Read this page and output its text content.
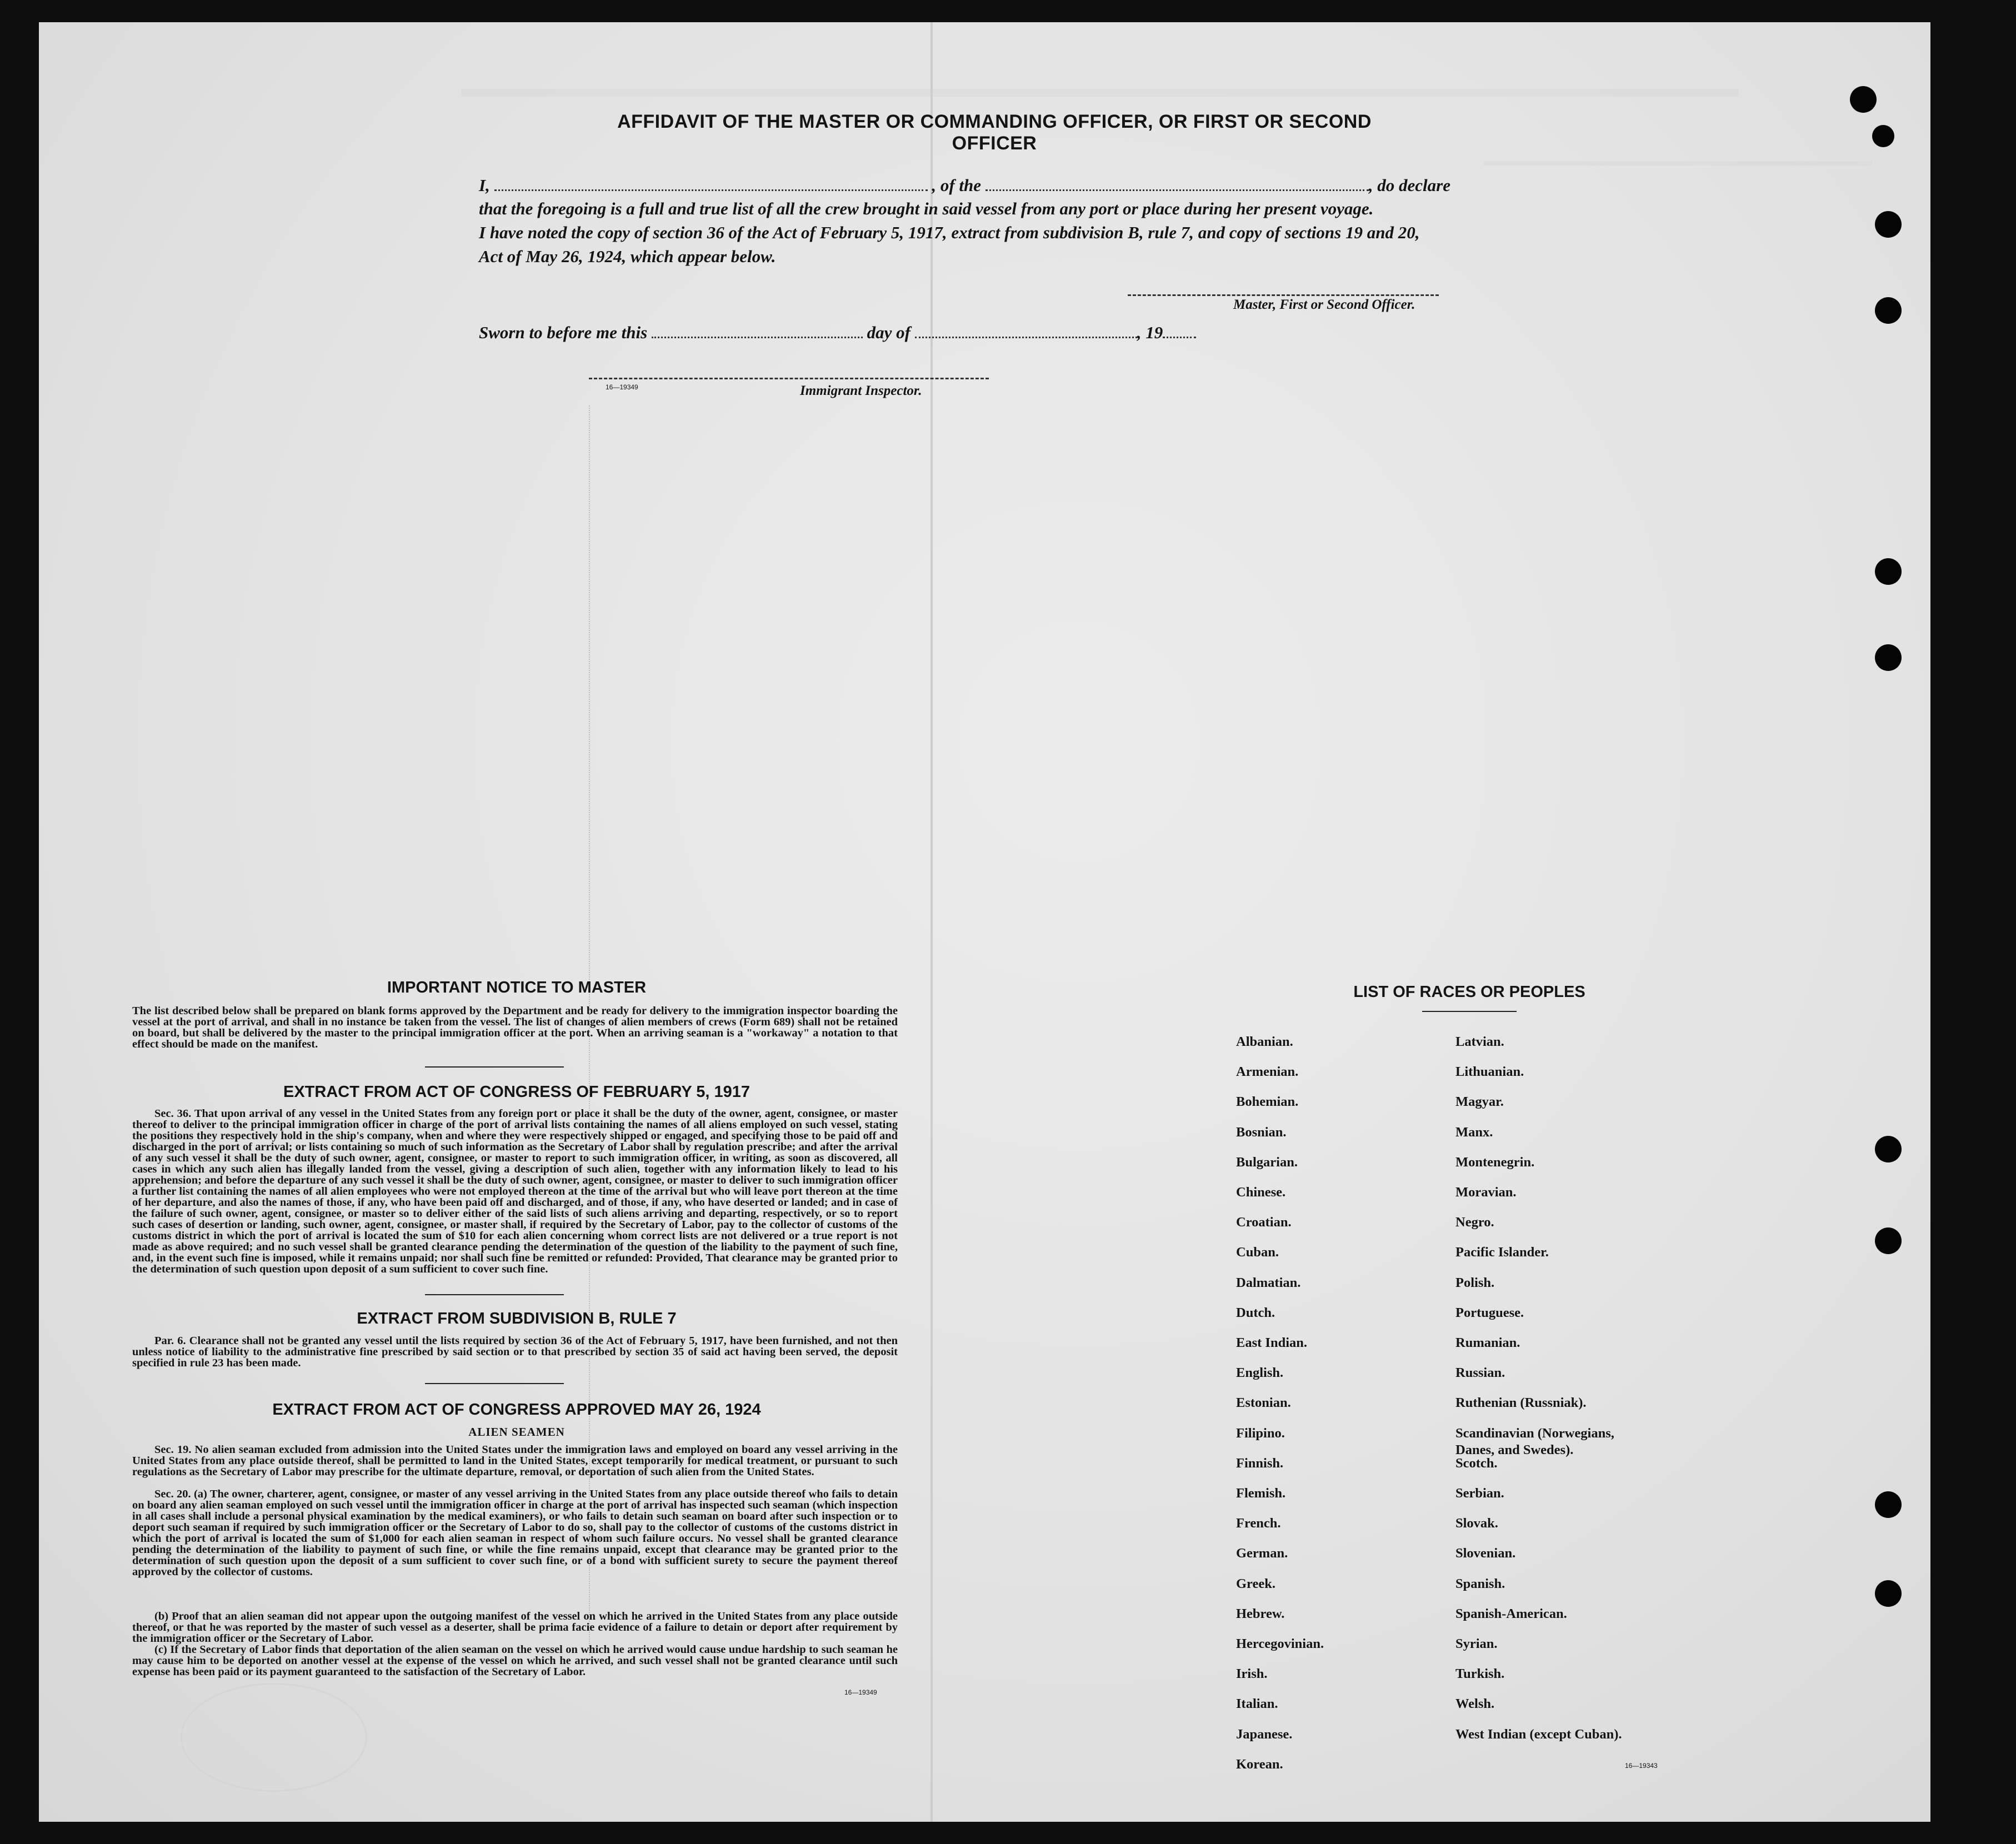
AFFIDAVIT OF THE MASTER OR COMMANDING OFFICER, OR FIRST OR SECOND OFFICER
I,	, of the	, do declare
that the foregoing is a full and true list of all the crew brought in said vessel from any port or place during her present voyage.
I have noted the copy of section 36 of the Act of February 5, 1917, extract from subdivision B, rule 7, and copy of sections 19 and 20,
Act of May 26, 1924, which appear below.
Master, First or Second Officer.
Sworn to before me this	day of	, 19
16—19349	Immigrant Inspector.
IMPORTANT NOTICE TO MASTER
The list described below shall be prepared on blank forms approved by the Department and be ready for delivery to the immigration inspector boarding the vessel at the port of arrival, and shall in no instance be taken from the vessel. The list of changes of alien members of crews (Form 689) shall not be retained on board, but shall be delivered by the master to the principal immigration officer at the port. When an arriving seaman is a "workaway" a notation to that effect should be made on the manifest.
EXTRACT FROM ACT OF CONGRESS OF FEBRUARY 5, 1917
Sec. 36. That upon arrival of any vessel in the United States from any foreign port or place it shall be the duty of the owner, agent, consignee, or master thereof to deliver to the principal immigration officer in charge of the port of arrival lists containing the names of all aliens employed on such vessel, stating the positions they respectively hold in the ship's company, when and where they were respectively shipped or engaged, and specifying those to be paid off and discharged in the port of arrival; or lists containing so much of such information as the Secretary of Labor shall by regulation prescribe; and after the arrival of any such vessel it shall be the duty of such owner, agent, consignee, or master to report to such immigration officer, in writing, as soon as discovered, all cases in which any such alien has illegally landed from the vessel, giving a description of such alien, together with any information likely to lead to his apprehension; and before the departure of any such vessel it shall be the duty of such owner, agent, consignee, or master to deliver to such immigration officer a further list containing the names of all alien employees who were not employed thereon at the time of the arrival but who will leave port thereon at the time of her departure, and also the names of those, if any, who have been paid off and discharged, and of those, if any, who have deserted or landed; and in case of the failure of such owner, agent, consignee, or master so to deliver either of the said lists of such aliens arriving and departing, respectively, or so to report such cases of desertion or landing, such owner, agent, consignee, or master shall, if required by the Secretary of Labor, pay to the collector of customs of the customs district in which the port of arrival is located the sum of $10 for each alien concerning whom correct lists are not delivered or a true report is not made as above required; and no such vessel shall be granted clearance pending the determination of the question of the liability to the payment of such fine, and, in the event such fine is imposed, while it remains unpaid; nor shall such fine be remitted or refunded: Provided, That clearance may be granted prior to the determination of such question upon deposit of a sum sufficient to cover such fine.
EXTRACT FROM SUBDIVISION B, RULE 7
Par. 6. Clearance shall not be granted any vessel until the lists required by section 36 of the Act of February 5, 1917, have been furnished, and not then unless notice of liability to the administrative fine prescribed by said section or to that prescribed by section 35 of said act having been served, the deposit specified in rule 23 has been made.
EXTRACT FROM ACT OF CONGRESS APPROVED MAY 26, 1924
ALIEN SEAMEN
Sec. 19. No alien seaman excluded from admission into the United States under the immigration laws and employed on board any vessel arriving in the United States from any place outside thereof, shall be permitted to land in the United States, except temporarily for medical treatment, or pursuant to such regulations as the Secretary of Labor may prescribe for the ultimate departure, removal, or deportation of such alien from the United States.
Sec. 20. (a) The owner, charterer, agent, consignee, or master of any vessel arriving in the United States from any place outside thereof who fails to detain on board any alien seaman employed on such vessel until the immigration officer in charge at the port of arrival has inspected such seaman (which inspection in all cases shall include a personal physical examination by the medical examiners), or who fails to detain such seaman on board after such inspection or to deport such seaman if required by such immigration officer or the Secretary of Labor to do so, shall pay to the collector of customs of the customs district in which the port of arrival is located the sum of $1,000 for each alien seaman in respect of whom such failure occurs. No vessel shall be granted clearance pending the determination of the liability to payment of such fine, or while the fine remains unpaid, except that clearance may be granted prior to the determination of such question upon the deposit of a sum sufficient to cover such fine, or of a bond with sufficient surety to secure the payment thereof approved by the collector of customs.
(b) Proof that an alien seaman did not appear upon the outgoing manifest of the vessel on which he arrived in the United States from any place outside thereof, or that he was reported by the master of such vessel as a deserter, shall be prima facie evidence of a failure to detain or deport after requirement by the immigration officer or the Secretary of Labor.
(c) If the Secretary of Labor finds that deportation of the alien seaman on the vessel on which he arrived would cause undue hardship to such seaman he may cause him to be deported on another vessel at the expense of the vessel on which he arrived, and such vessel shall not be granted clearance until such expense has been paid or its payment guaranteed to the satisfaction of the Secretary of Labor.
16—19349
LIST OF RACES OR PEOPLES
16—19343
Albanian.
Armenian.
Bohemian.
Bosnian.
Bulgarian.
Chinese.
Croatian.
Cuban.
Dalmatian.
Dutch.
East Indian.
English.
Estonian.
Filipino.
Finnish.
Flemish.
French.
German.
Greek.
Hebrew.
Hercegovinian.
Irish.
Italian.
Japanese.
Korean.
Latvian.
Lithuanian.
Magyar.
Manx.
Montenegrin.
Moravian.
Negro.
Pacific Islander.
Polish.
Portuguese.
Rumanian.
Russian.
Ruthenian (Russniak).
Scandinavian (Norwegians,
Danes, and Swedes).
Scotch.
Serbian.
Slovak.
Slovenian.
Spanish.
Spanish-American.
Syrian.
Turkish.
Welsh.
West Indian (except Cuban).
